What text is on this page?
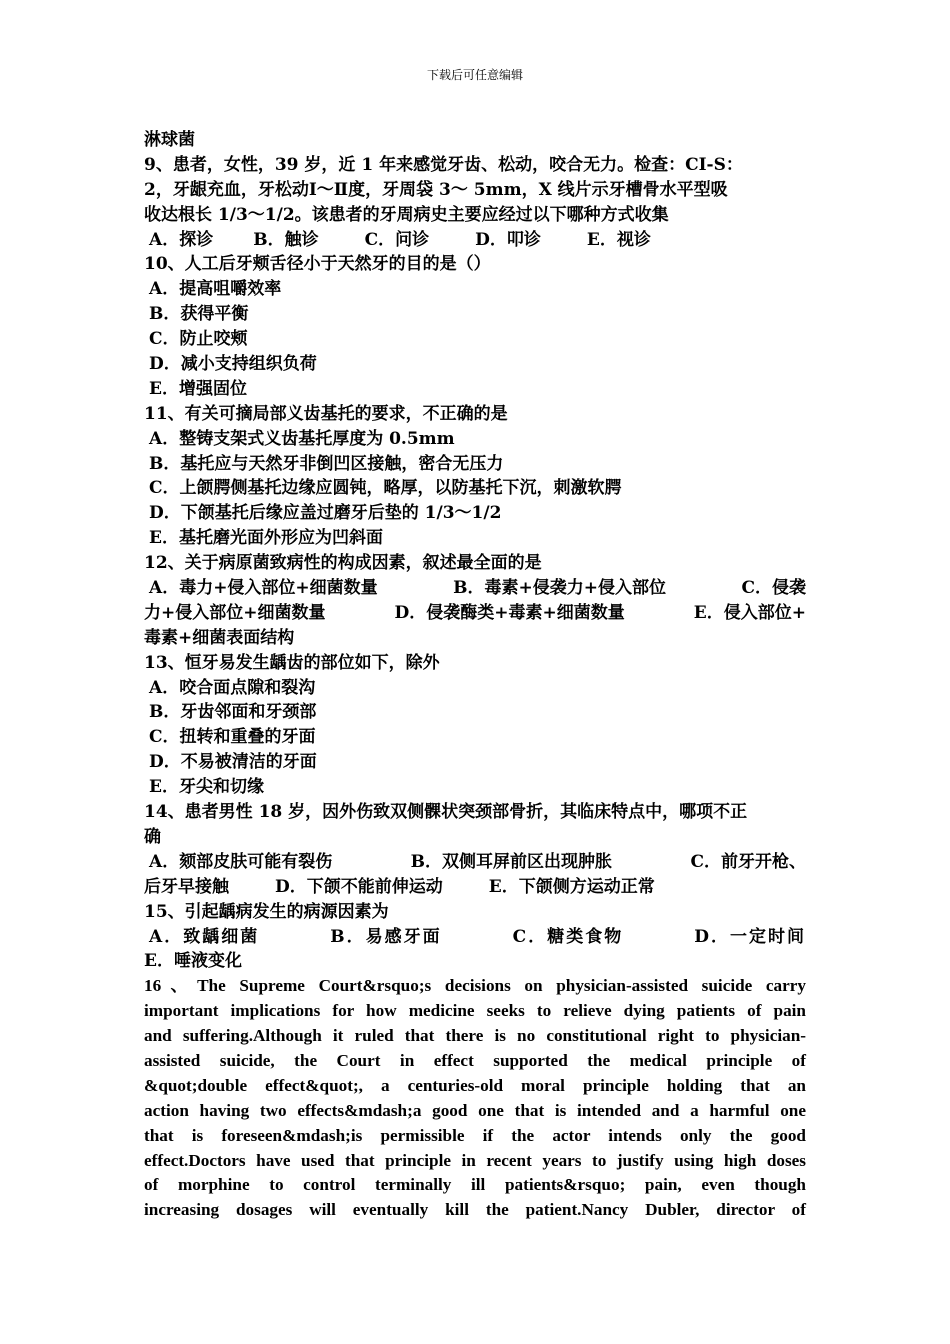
下载后可任意编辑
淋球菌
9、患者，女性，39 岁，近 1 年来感觉牙齿、松动，咬合无力。检查：CI-S：
2，牙龈充血，牙松动Ⅰ～Ⅱ度，牙周袋 3～ 5mm，X 线片示牙槽骨水平型吸
收达根长 1/3～1/2。该患者的牙周病史主要应经过以下哪种方式收集
A．探诊 B．触诊	C．问诊	D．叩诊	E．视诊
10、人工后牙颊舌径小于天然牙的目的是（）
A．提高咀嚼效率
B．获得平衡
C．防止咬颊
D．减小支持组织负荷
E．增强固位
11、有关可摘局部义齿基托的要求，不正确的是
A．整铸支架式义齿基托厚度为 0.5mm
B．基托应与天然牙非倒凹区接触，密合无压力
C．上颌腭侧基托边缘应圆钝，略厚，以防基托下沉，刺激软腭
D．下颌基托后缘应盖过磨牙后垫的 1/3～1/2
E．基托磨光面外形应为凹斜面
12、关于病原菌致病性的构成因素，叙述最全面的是
A．毒力+侵入部位+细菌数量	B．毒素+侵袭力+侵入部位	C．侵袭
力+侵入部位+细菌数量	D．侵袭酶类+毒素+细菌数量	E．侵入部位+
毒素+细菌表面结构
13、恒牙易发生龋齿的部位如下，除外
A．咬合面点隙和裂沟
B．牙齿邻面和牙颈部
C．扭转和重叠的牙面
D．不易被清洁的牙面
E．牙尖和切缘
14、患者男性 18 岁，因外伤致双侧髁状突颈部骨折，其临床特点中，哪项不正
确
A．颏部皮肤可能有裂伤	B．双侧耳屏前区出现肿胀	C．前牙开枪、
后牙早接触	D．下颌不能前伸运动	E．下颌侧方运动正常
15、引起龋病发生的病源因素为
A．致龋细菌	B．易感牙面	C．糖类食物	D．一定时间
E．唾液变化
16、The Supreme Court&rsquo;s decisions on physician-assisted suicide carry
important implications for how medicine seeks to relieve dying patients of pain
and suffering.Although it ruled that there is no constitutional right to physician-
assisted suicide, the Court in effect supported the medical principle of
&quot;double effect&quot;, a centuries-old moral principle holding that an
action having two effects&mdash;a good one that is intended and a harmful one
that is foreseen&mdash;is permissible if the actor intends only the good
effect.Doctors have used that principle in recent years to justify using high doses
of morphine to control terminally ill patients&rsquo; pain, even though
increasing dosages will eventually kill the patient.Nancy Dubler, director of
